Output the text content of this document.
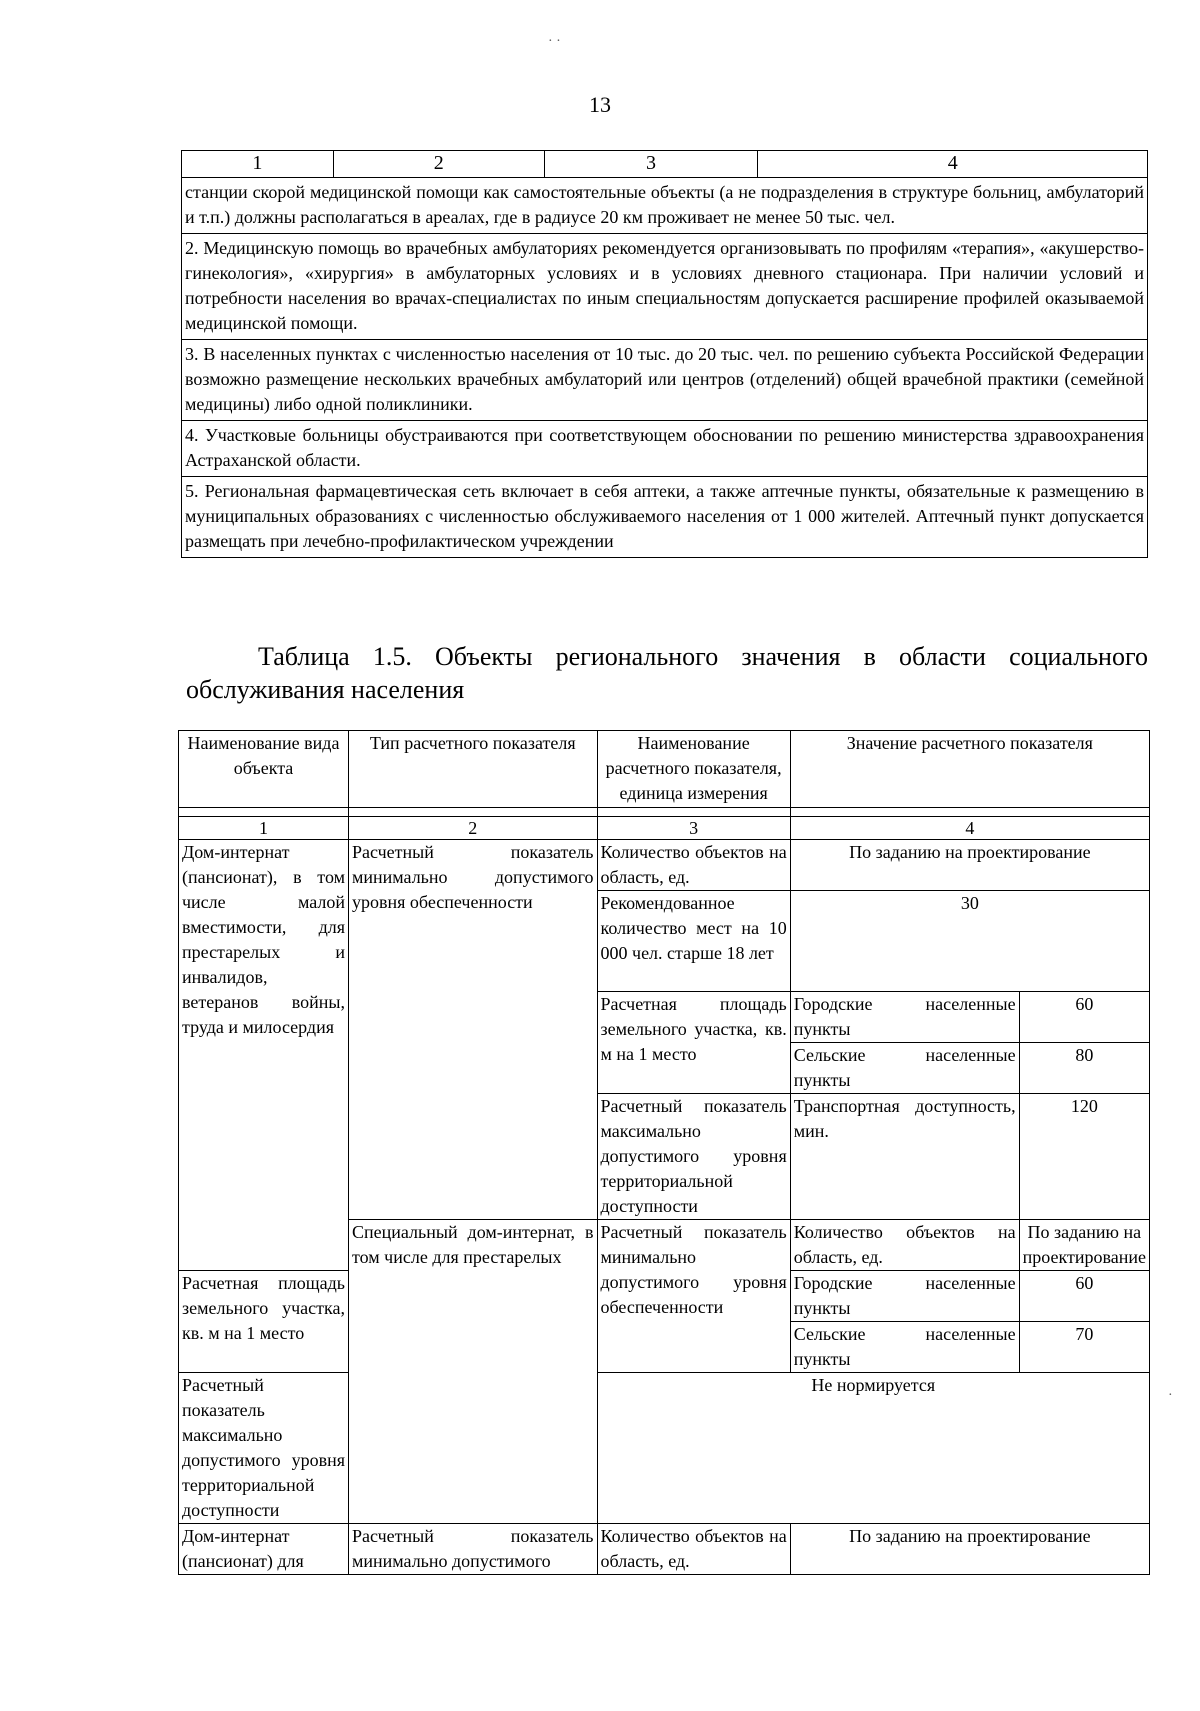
13
1	2	3	4
станции скорой медицинской помощи как самостоятельные объекты (а не подразделения в структуре больниц, амбулаторий и т.п.) должны располагаться в ареалах, где в радиусе 20 км проживает не менее 50 тыс. чел.
2. Медицинскую помощь во врачебных амбулаториях рекомендуется организовывать по профилям «терапия», «акушерство-гинекология», «хирургия» в амбулаторных условиях и в условиях дневного стационара. При наличии условий и потребности населения во врачах-специалистах по иным специальностям допускается расширение профилей оказываемой медицинской помощи.
3. В населенных пунктах с численностью населения от 10 тыс. до 20 тыс. чел. по решению субъекта Российской Федерации возможно размещение нескольких врачебных амбулаторий или центров (отделений) общей врачебной практики (семейной медицины) либо одной поликлиники.
4. Участковые больницы обустраиваются при соответствующем обосновании по решению министерства здравоохранения Астраханской области.
5. Региональная фармацевтическая сеть включает в себя аптеки, а также аптечные пункты, обязательные к размещению в муниципальных образованиях с численностью обслуживаемого населения от 1 000 жителей. Аптечный пункт допускается размещать при лечебно-профилактическом учреждении
Таблица 1.5. Объекты регионального значения в области социального
обслуживания населения
Наименование вида объекта	Тип расчетного показателя	Наименование расчетного показателя, единица измерения	Значение расчетного показателя	

1	2	3	4	
Дом-интернат (пансионат), в том числе малой вместимости, для престарелых и инвалидов, ветеранов войны, труда и милосердия	Расчетный показатель минимально допустимого уровня обеспеченности	Количество объектов на область, ед.	По заданию на проектирование	
		Рекомендованное количество мест на 10 000 чел. старше 18 лет	30	
		Расчетная площадь земельного участка, кв. м на 1 место	Городские населенные пункты	60
			Сельские населенные пункты	80
		Расчетный показатель максимально допустимого уровня территориальной доступности	Транспортная доступность, мин.	120
	Специальный дом-интернат, в том числе для престарелых	Расчетный показатель минимально допустимого уровня обеспеченности	Количество объектов на область, ед.	По заданию на проектирование
Расчетная площадь земельного участка, кв. м на 1 место			Городские населенные пункты	60
			Сельские населенные пункты	70
Расчетный показатель максимально допустимого уровня территориальной доступности		Не нормируется		
Дом-интернат (пансионат) для	Расчетный показатель минимально допустимого	Количество объектов на область, ед.	По заданию на проектирование	
· ·
·
